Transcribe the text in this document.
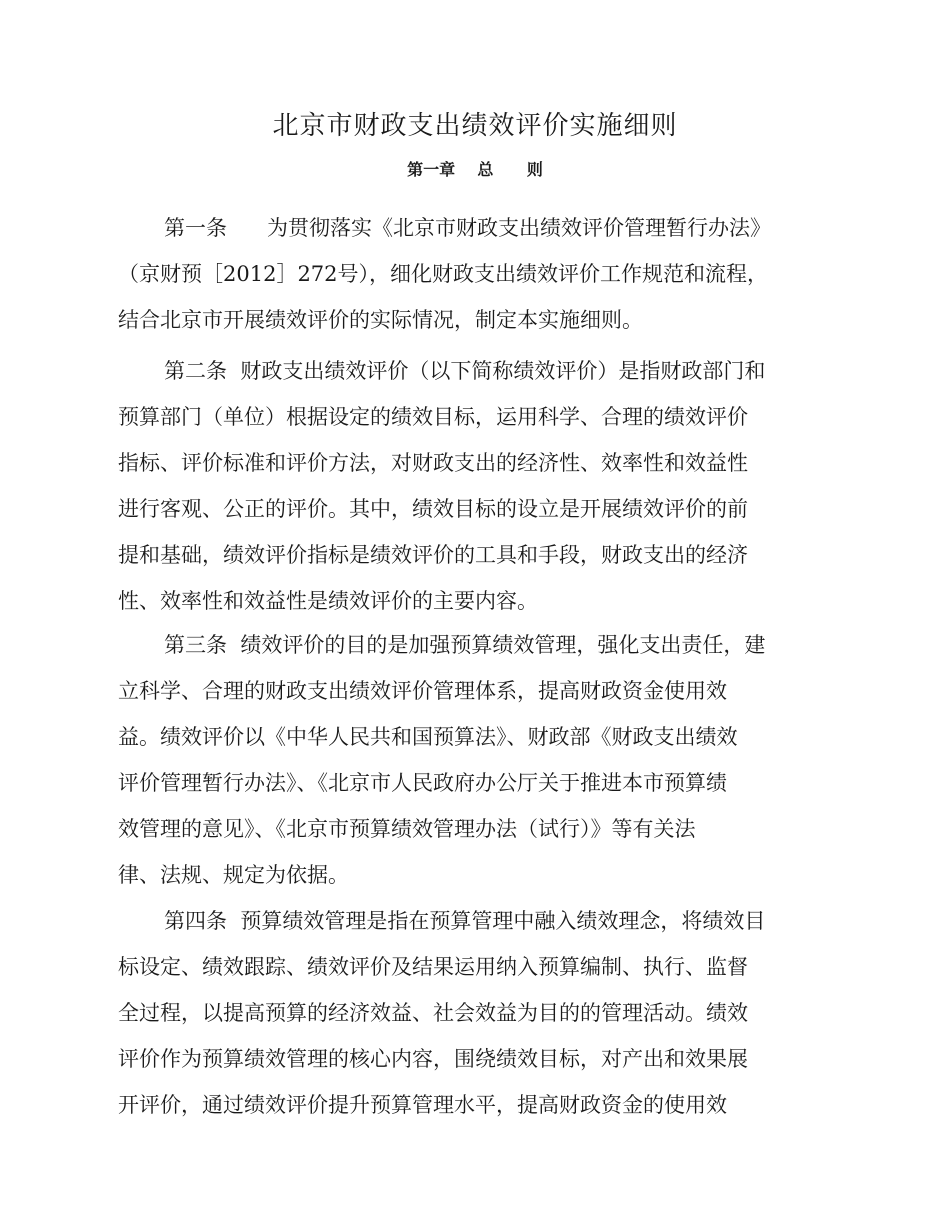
北京市财政支出绩效评价实施细则
第一章    总      则
第一条      为贯彻落实《北京市财政支出绩效评价管理暂行办法》
（京财预［2012］272号），细化财政支出绩效评价工作规范和流程，
结合北京市开展绩效评价的实际情况，制定本实施细则。
第二条  财政支出绩效评价（以下简称绩效评价）是指财政部门和
预算部门（单位）根据设定的绩效目标，运用科学、合理的绩效评价
指标、评价标准和评价方法，对财政支出的经济性、效率性和效益性
进行客观、公正的评价。其中，绩效目标的设立是开展绩效评价的前
提和基础，绩效评价指标是绩效评价的工具和手段，财政支出的经济
性、效率性和效益性是绩效评价的主要内容。
第三条  绩效评价的目的是加强预算绩效管理，强化支出责任，建
立科学、合理的财政支出绩效评价管理体系，提高财政资金使用效
益。绩效评价以《中华人民共和国预算法》、财政部《财政支出绩效
评价管理暂行办法》、《北京市人民政府办公厅关于推进本市预算绩
效管理的意见》、《北京市预算绩效管理办法（试行）》等有关法
律、法规、规定为依据。
第四条  预算绩效管理是指在预算管理中融入绩效理念，将绩效目
标设定、绩效跟踪、绩效评价及结果运用纳入预算编制、执行、监督
全过程，以提高预算的经济效益、社会效益为目的的管理活动。绩效
评价作为预算绩效管理的核心内容，围绕绩效目标，对产出和效果展
开评价，通过绩效评价提升预算管理水平，提高财政资金的使用效
